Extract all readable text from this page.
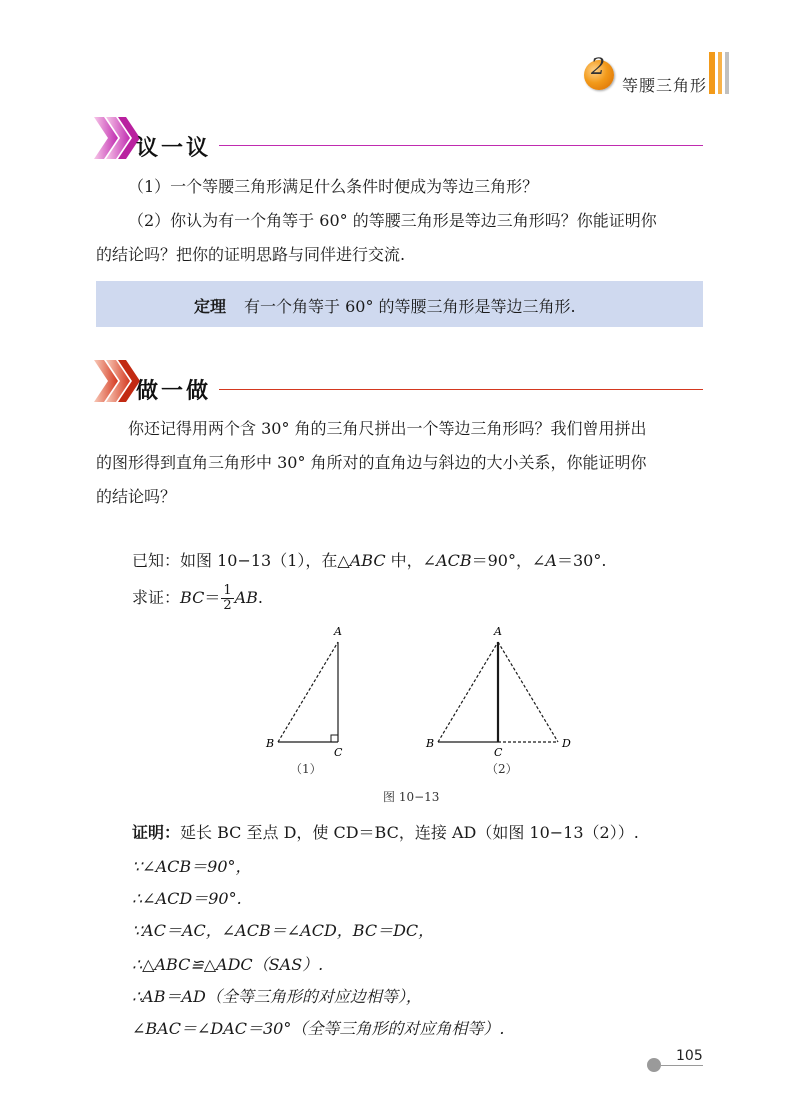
2
等腰三角形
议一议
（1）一个等腰三角形满足什么条件时便成为等边三角形？
（2）你认为有一个角等于 60° 的等腰三角形是等边三角形吗？你能证明你
的结论吗？把你的证明思路与同伴进行交流.
定理 有一个角等于 60° 的等腰三角形是等边三角形.
做一做
你还记得用两个含 30° 角的三角尺拼出一个等边三角形吗？我们曾用拼出
的图形得到直角三角形中 30° 角所对的直角边与斜边的大小关系，你能证明你
的结论吗？
已知：如图 10−13（1），在△ABC 中，∠ACB＝90°，∠A＝30°.
求证：$BC= \frac{1}{2}$ AB.
A
B
C
（1）
A
B
C
D
（2）
图 10−13
证明：延长 BC 至点 D，使 CD＝BC，连接 AD（如图 10−13（2））.
∵∠ACB＝90°，
∴∠ACD＝90°.
∵AC＝AC，∠ACB＝∠ACD，BC＝DC，
∴△ABC≌△ADC（SAS）.
∴AB＝AD（全等三角形的对应边相等），
∠BAC＝∠DAC＝30°（全等三角形的对应角相等）.
105
